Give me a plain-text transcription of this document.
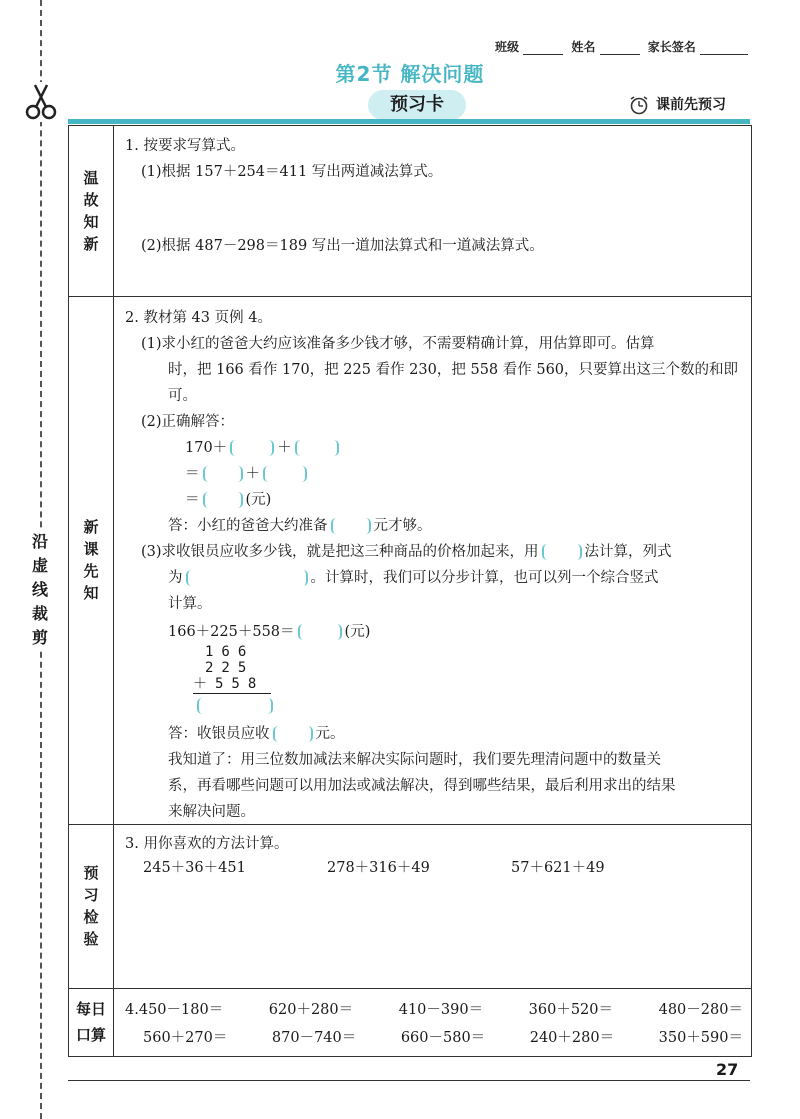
沿虚线裁剪
班级	姓名	家长签名
第2节 解决问题
预习卡	课前先预习
温故知新
1. 按要求写算式。
(1)根据 157＋254＝411 写出两道减法算式。
(2)根据 487－298＝189 写出一道加法算式和一道减法算式。
新课先知
2. 教材第 43 页例 4。
(1)求小红的爸爸大约应该准备多少钱才够，不需要精确计算，用估算即可。估算
时，把 166 看作 170，把 225 看作 230，把 558 看作 560，只要算出这三个数的和即
可。
(2)正确解答：
170＋	＋
＝	＋
＝	(元)
答：小红的爸爸大约准备	元才够。
(3)求收银员应收多少钱，就是把这三种商品的价格加起来，用	法计算，列式
为	。计算时，我们可以分步计算，也可以列一个综合竖式
计算。
166＋225＋558＝	(元)
166
225
＋558
答：收银员应收	元。
我知道了：用三位数加减法来解决实际问题时，我们要先理清问题中的数量关
系，再看哪些问题可以用加法或减法解决，得到哪些结果，最后利用求出的结果
来解决问题。
预习检验
3. 用你喜欢的方法计算。
245＋36＋451	278＋316＋49	57＋621＋49
每日
口算
4.450－180＝	620＋280＝	410－390＝	360＋520＝	480－280＝
560＋270＝	870－740＝	660－580＝	240＋280＝	350＋590＝
27
